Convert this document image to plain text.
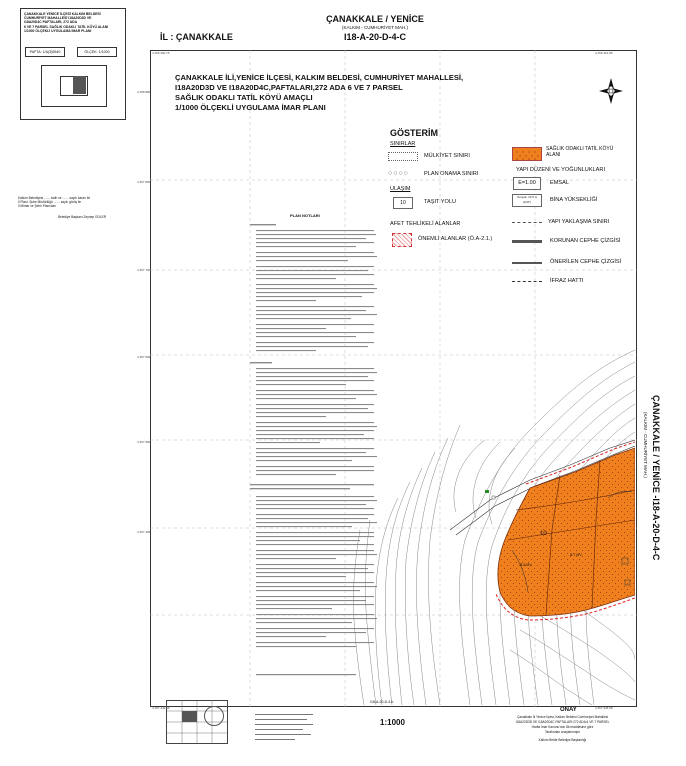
ÇANAKKALE / YENİCE
(KALKIM - CUMHURİYET MAH.)
I18-A-20-D-4-C
İL : ÇANAKKALE
ÇANAKKALE YENİCE İLÇESİ KALKIM BELDESİ
CUMHURİYET MAHALLESİ I18A20D3D VE
I18A20D4C PAFTALARI, 272 ADA
6 VE 7 PARSEL SAĞLIK ODAKLI TATİL KÖYÜ ALANI
1/1000 ÖLÇEKLİ UYGULAMA İMAR PLANI
PAFTA: 1/A(3)5540	ÖLÇEK: 1/1000	4 456 300.75	4 456 316.85
4 457 342.56	4 457 346.58
4 458 880
4 457 800
4 457 700
4 457 600
4 457 500
4 457 400
ÇANAKKALE İLİ,YENİCE İLÇESİ, KALKIM BELDESİ, CUMHURİYET MAHALLESİ,
I18A20D3D VE I18A20D4C,PAFTALARI,272 ADA 6 VE 7 PARSEL
SAĞLIK ODAKLI TATİL KÖYÜ AMAÇLI
1/1000 ÖLÇEKLİ UYGULAMA İMAR PLANI
GÖSTERİM
SINIRLAR
MÜLKİYET SINIRI
○○○○	PLAN ONAMA SINIRI
ULAŞIM
10	TAŞIT YOLU
AFET TEHLİKELİ ALANLAR
ÖNEMLİ ALANLAR (Ö.A-2.1.)
SAĞLIK ODAKLI TATİL KÖYÜ ALANI
YAPI DÜZENİ VE YOĞUNLUKLARI
E=1.00	EMSAL
Yençok: 12.5 m (KAT)	BİNA YÜKSEKLİĞİ
YAPI YAKLAŞMA SINIRI
KORUNAN CEPHE ÇİZGİSİ
ÖNERİLEN CEPHE ÇİZGİSİ
İFRAZ HATTI
PLAN NOTLARI
10
B-6 MV
B-7 MV
I18-A-20-D-4-b
ÇANAKKALE / YENİCE -I18-A-20-D-4-C
(KALKIM - CUMHURİYET MAH.)
Kalkım Belediyesi ....... tarih ve ....... sayılı kararı ile
İl Planl. Şube Müdürlüğü ....... sayılı görüş ile
İl Mimar ve Şehir Plancıları
Belediye Başkanı Zeynep GÜLER
1:1000
ONAY
Çanakkale İli Yenice İlçesi, Kalkım Beldesi Cumhuriyet Mahallesi
I18A20D3D VE I18A20D4C PAFTALARI 272 ADA 6 VE 7 PARSEL
Harita İmar Kanunu'nun 8b maddesine göre
Tarafından onaylanmıştır
Kalkım Belde Belediye Başkanlığı
